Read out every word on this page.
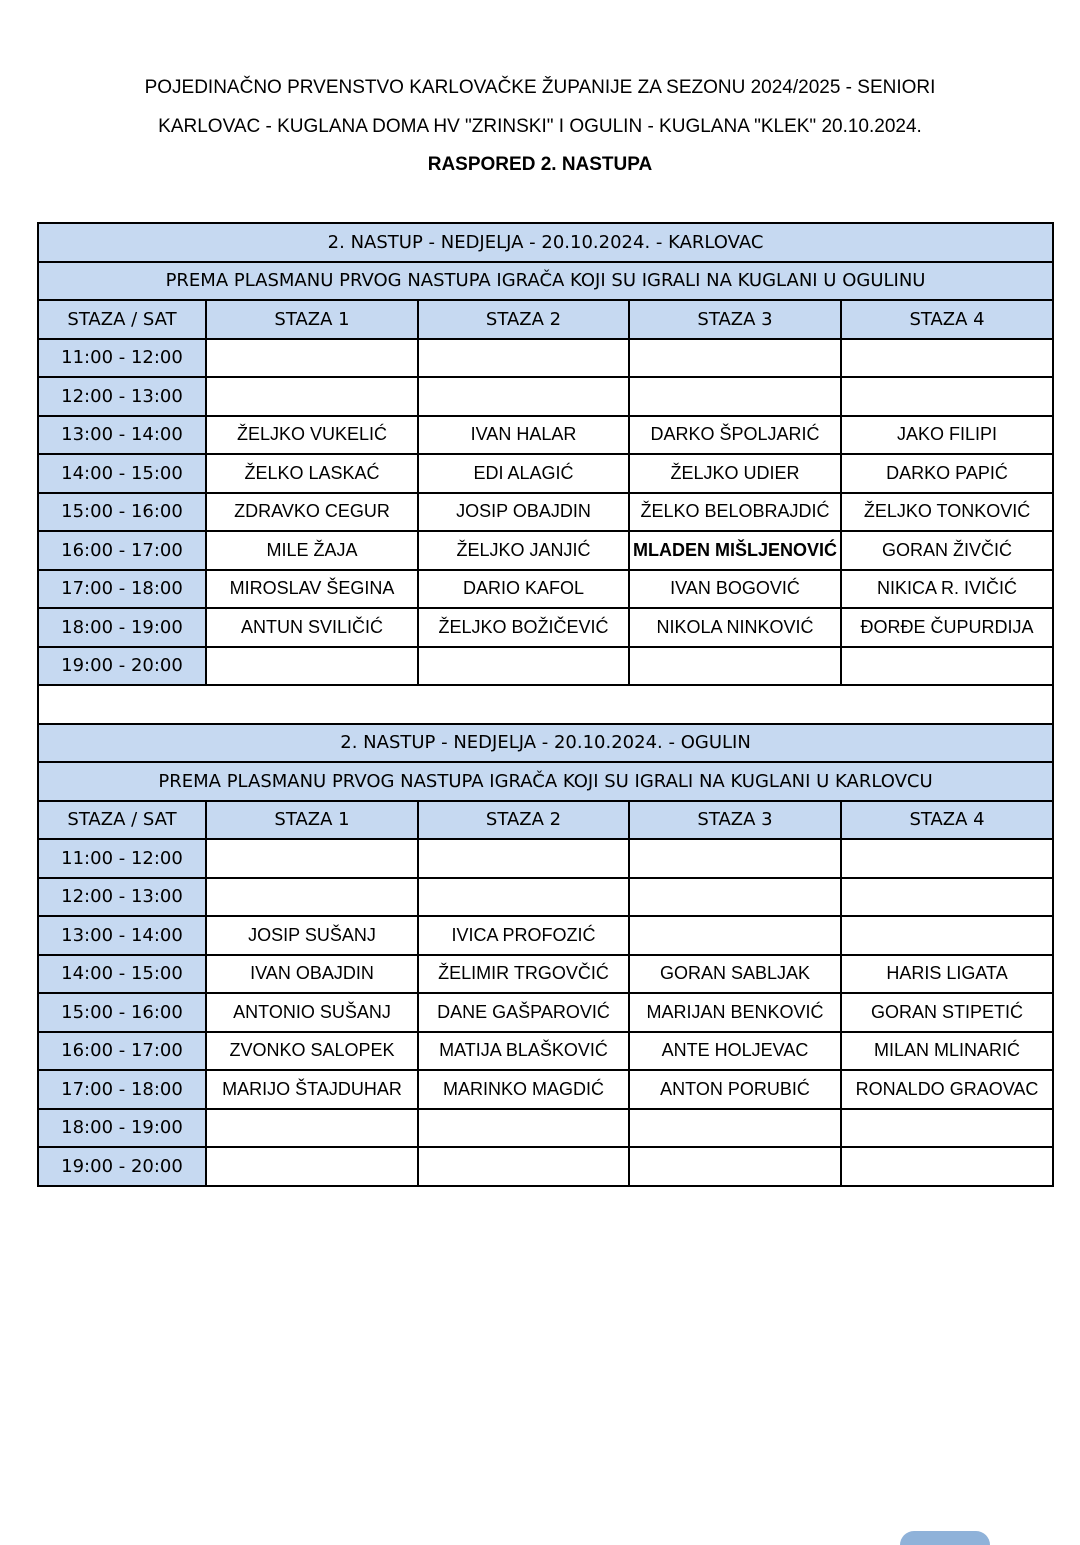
POJEDINAČNO PRVENSTVO KARLOVAČKE ŽUPANIJE ZA SEZONU 2024/2025 - SENIORI
KARLOVAC - KUGLANA DOMA HV "ZRINSKI" I OGULIN - KUGLANA "KLEK" 20.10.2024.
RASPORED 2. NASTUPA
2. NASTUP - NEDJELJA - 20.10.2024. - KARLOVAC				
PREMA PLASMANU PRVOG NASTUPA IGRAČA KOJI SU IGRALI NA KUGLANI U OGULINU				
STAZA / SAT	STAZA 1	STAZA 2	STAZA 3	STAZA 4
11:00 - 12:00				
12:00 - 13:00				
13:00 - 14:00	ŽELJKO VUKELIĆ	IVAN HALAR	DARKO ŠPOLJARIĆ	JAKO FILIPI
14:00 - 15:00	ŽELKO LASKAĆ	EDI ALAGIĆ	ŽELJKO UDIER	DARKO PAPIĆ
15:00 - 16:00	ZDRAVKO CEGUR	JOSIP OBAJDIN	ŽELKO BELOBRAJDIĆ	ŽELJKO TONKOVIĆ
16:00 - 17:00	MILE ŽAJA	ŽELJKO JANJIĆ	MLADEN MIŠLJENOVIĆ	GORAN ŽIVČIĆ
17:00 - 18:00	MIROSLAV ŠEGINA	DARIO KAFOL	IVAN BOGOVIĆ	NIKICA R. IVIČIĆ
18:00 - 19:00	ANTUN SVILIČIĆ	ŽELJKO BOŽIČEVIĆ	NIKOLA NINKOVIĆ	ĐORĐE ČUPURDIJA
19:00 - 20:00				

2. NASTUP - NEDJELJA - 20.10.2024. - OGULIN				
PREMA PLASMANU PRVOG NASTUPA IGRAČA KOJI SU IGRALI NA KUGLANI U KARLOVCU				
STAZA / SAT	STAZA 1	STAZA 2	STAZA 3	STAZA 4
11:00 - 12:00				
12:00 - 13:00				
13:00 - 14:00	JOSIP SUŠANJ	IVICA PROFOZIĆ		
14:00 - 15:00	IVAN OBAJDIN	ŽELIMIR TRGOVČIĆ	GORAN SABLJAK	HARIS LIGATA
15:00 - 16:00	ANTONIO SUŠANJ	DANE GAŠPAROVIĆ	MARIJAN BENKOVIĆ	GORAN STIPETIĆ
16:00 - 17:00	ZVONKO SALOPEK	MATIJA BLAŠKOVIĆ	ANTE HOLJEVAC	MILAN MLINARIĆ
17:00 - 18:00	MARIJO ŠTAJDUHAR	MARINKO MAGDIĆ	ANTON PORUBIĆ	RONALDO GRAOVAC
18:00 - 19:00				
19:00 - 20:00				
